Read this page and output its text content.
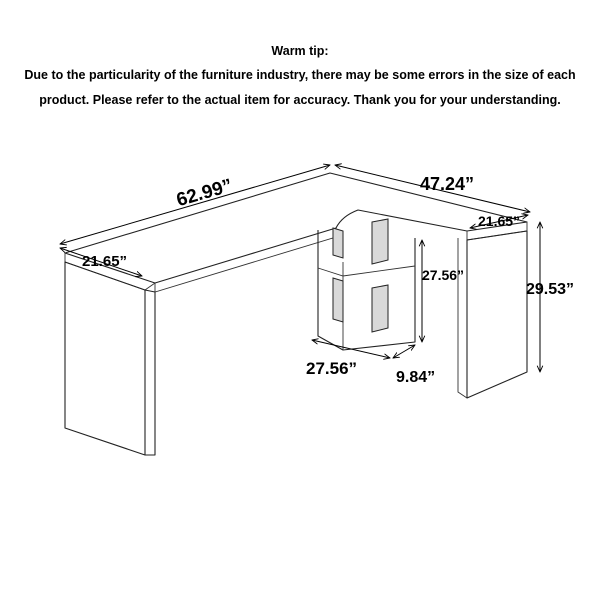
Warm tip:
Due to the particularity of the furniture industry, there may be some errors in the size of each
product. Please refer to the actual item for accuracy. Thank you for your understanding.
62.99”	47.24”
21.65”
21.65”
29.53”
27.56”
27.56” 9.84”
